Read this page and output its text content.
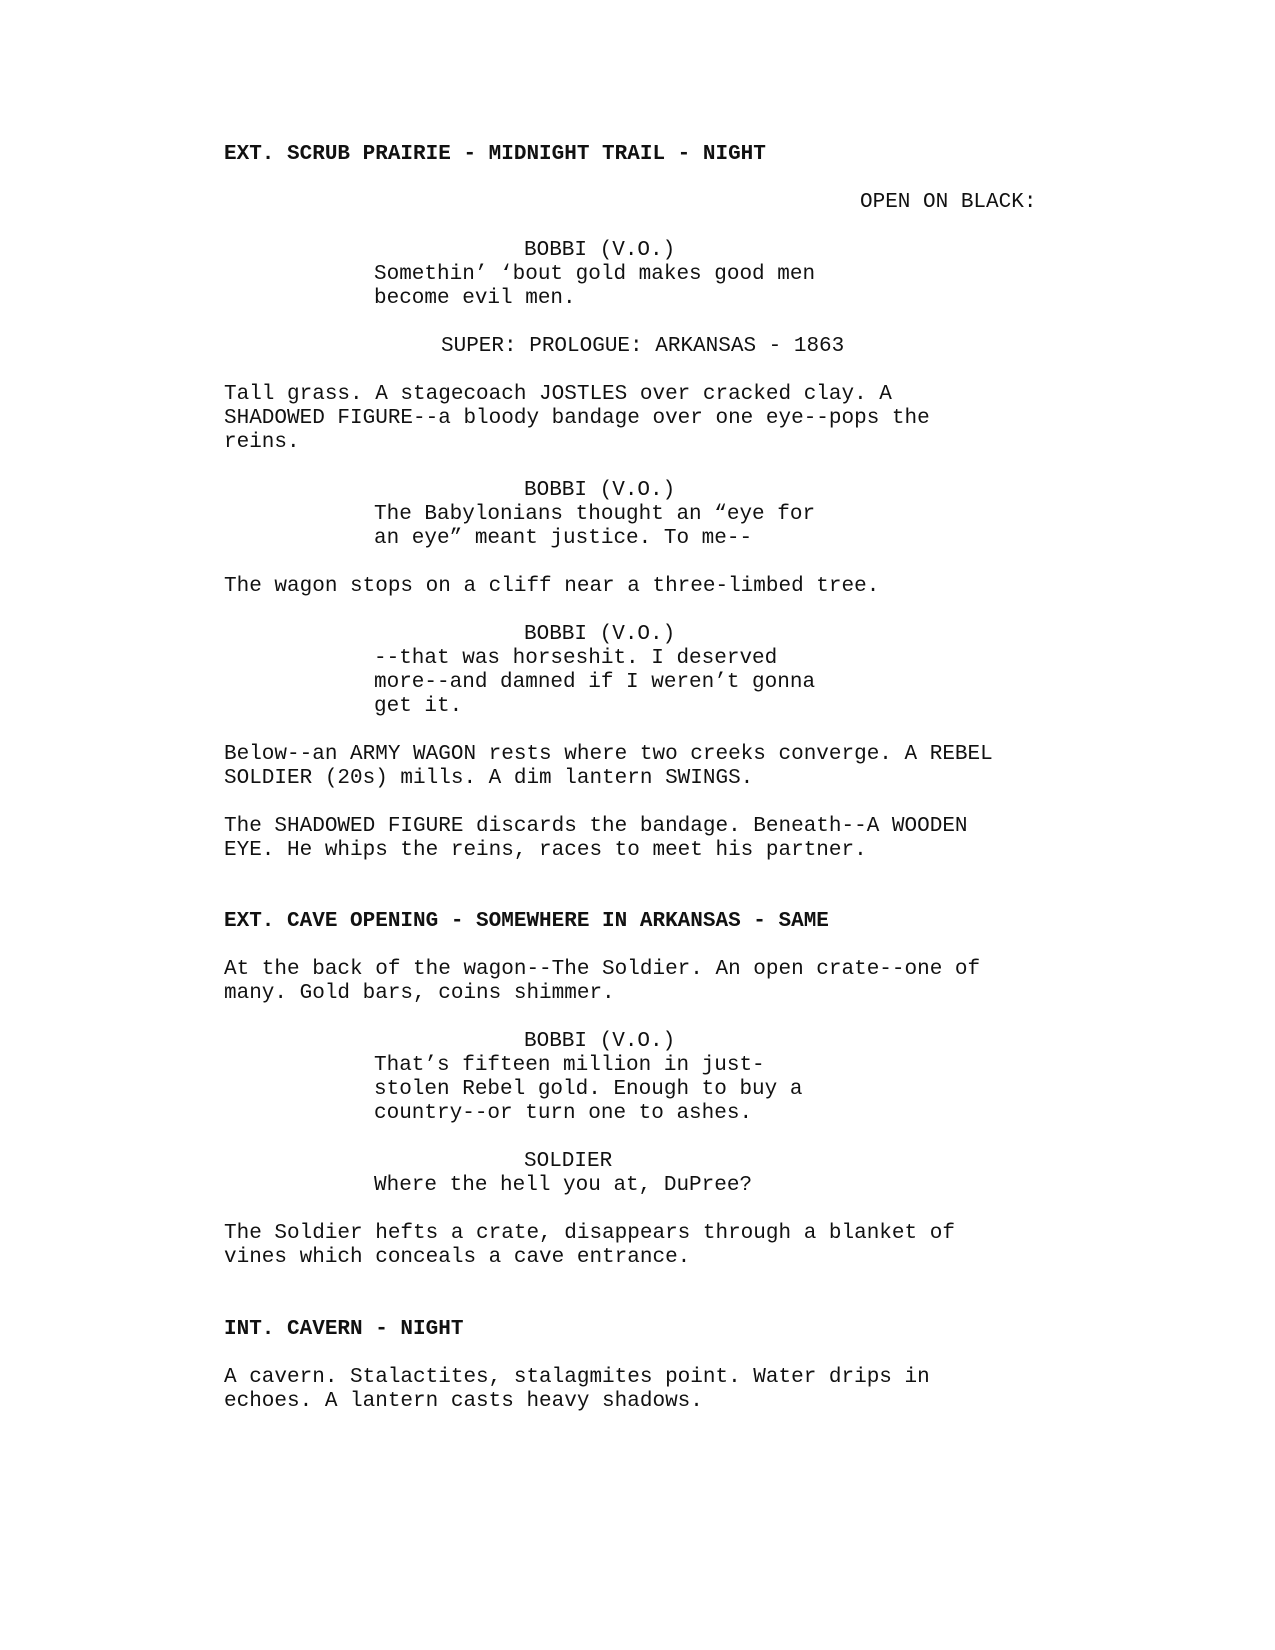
EXT. SCRUB PRAIRIE - MIDNIGHT TRAIL - NIGHT

OPEN ON BLACK:

BOBBI (V.O.)

Somethin’ ‘bout gold makes good men

become evil men.

SUPER: PROLOGUE: ARKANSAS - 1863

Tall grass. A stagecoach JOSTLES over cracked clay. A

SHADOWED FIGURE--a bloody bandage over one eye--pops the

reins.

BOBBI (V.O.)

The Babylonians thought an “eye for

an eye” meant justice. To me--

The wagon stops on a cliff near a three-limbed tree.

BOBBI (V.O.)

--that was horseshit. I deserved

more--and damned if I weren’t gonna

get it.

Below--an ARMY WAGON rests where two creeks converge. A REBEL

SOLDIER (20s) mills. A dim lantern SWINGS.

The SHADOWED FIGURE discards the bandage. Beneath--A WOODEN

EYE. He whips the reins, races to meet his partner.

EXT. CAVE OPENING - SOMEWHERE IN ARKANSAS - SAME

At the back of the wagon--The Soldier. An open crate--one of

many. Gold bars, coins shimmer.

BOBBI (V.O.)

That’s fifteen million in just-

stolen Rebel gold. Enough to buy a

country--or turn one to ashes.

SOLDIER

Where the hell you at, DuPree?

The Soldier hefts a crate, disappears through a blanket of

vines which conceals a cave entrance.

INT. CAVERN - NIGHT

A cavern. Stalactites, stalagmites point. Water drips in

echoes. A lantern casts heavy shadows.
